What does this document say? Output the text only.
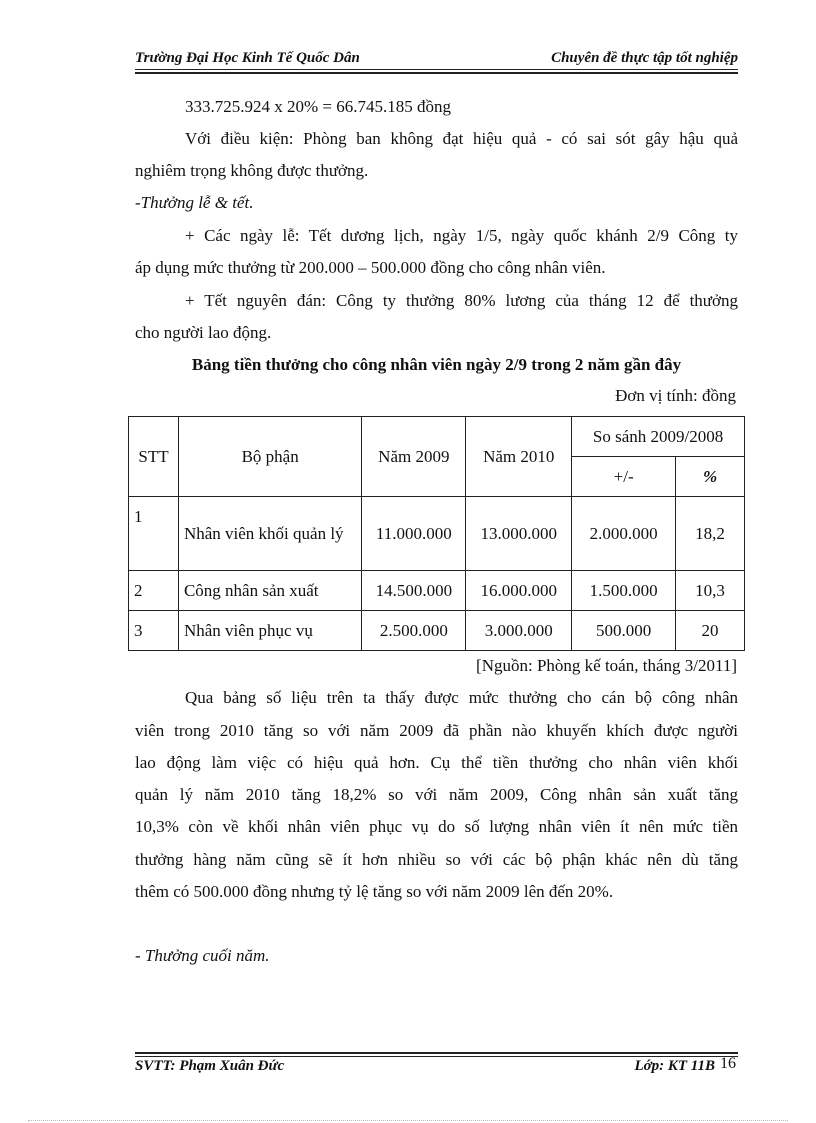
Trường Đại Học Kinh Tế Quốc Dân	Chuyên đề thực tập tốt nghiệp
333.725.924 x 20% = 66.745.185 đồng
Với điều kiện: Phòng ban không đạt hiệu quả - có sai sót gây hậu quả
nghiêm trọng không được thưởng.
-Thưởng lễ & tết.
+ Các ngày lễ: Tết dương lịch, ngày 1/5, ngày quốc khánh 2/9 Công ty
áp dụng mức thưởng từ 200.000 – 500.000 đồng cho công nhân viên.
+ Tết nguyên đán: Công ty thưởng 80% lương của tháng 12 để thưởng
cho người lao động.
Bảng tiền thưởng cho công nhân viên ngày 2/9 trong 2 năm gần đây
Đơn vị tính: đồng
STT	Bộ phận	Năm 2009	Năm 2010	So sánh 2009/2008	
				+/-	%
1	Nhân viên khối quản lý	11.000.000	13.000.000	2.000.000	18,2
2	Công nhân sản xuất	14.500.000	16.000.000	1.500.000	10,3
3	Nhân viên phục vụ	2.500.000	3.000.000	500.000	20
[Nguồn: Phòng kế toán, tháng 3/2011]
Qua bảng số liệu trên ta thấy được mức thưởng cho cán bộ công nhân
viên trong 2010 tăng so với năm 2009 đã phần nào khuyến khích được người
lao động làm việc có hiệu quả hơn. Cụ thể tiền thưởng cho nhân viên khối
quản lý năm 2010 tăng 18,2% so với năm 2009, Công nhân sản xuất tăng
10,3% còn về khối nhân viên phục vụ do số lượng nhân viên ít nên mức tiền
thưởng hàng năm cũng sẽ ít hơn nhiều so với các bộ phận khác nên dù tăng
thêm có 500.000 đồng nhưng tỷ lệ tăng so với năm 2009 lên đến 20%.
- Thưởng cuối năm.
SVTT: Phạm Xuân Đức	Lớp: KT 11B 16
